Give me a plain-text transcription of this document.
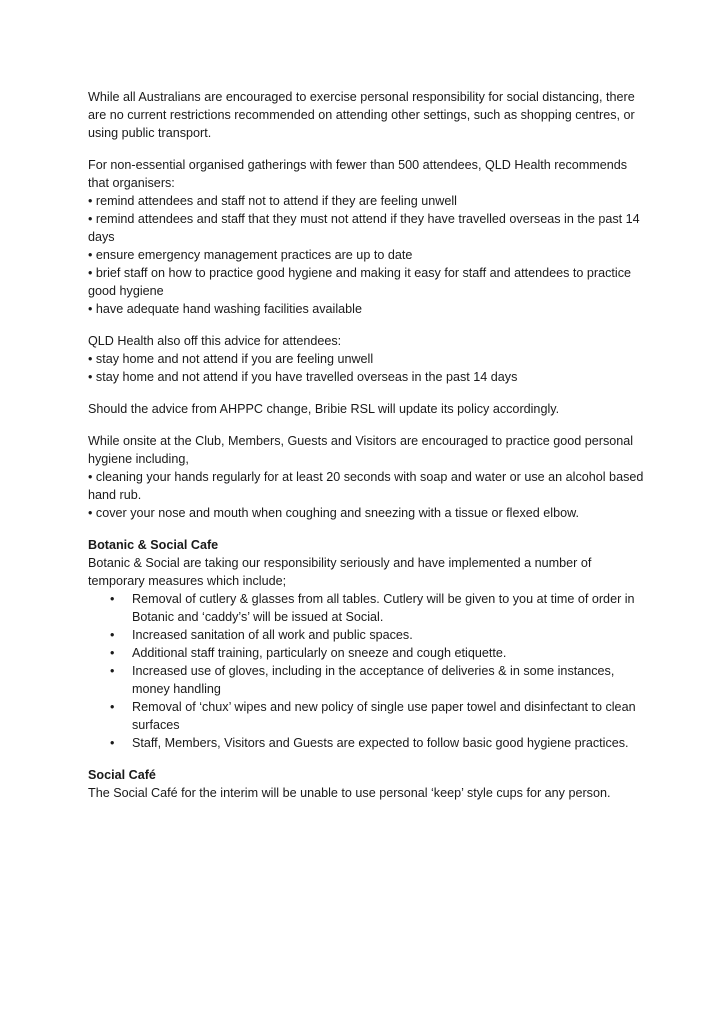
While all Australians are encouraged to exercise personal responsibility for social distancing, there are no current restrictions recommended on attending other settings, such as shopping centres, or using public transport.

For non-essential organised gatherings with fewer than 500 attendees, QLD Health recommends that organisers:
• remind attendees and staff not to attend if they are feeling unwell
• remind attendees and staff that they must not attend if they have travelled overseas in the past 14 days
• ensure emergency management practices are up to date
• brief staff on how to practice good hygiene and making it easy for staff and attendees to practice good hygiene
• have adequate hand washing facilities available

QLD Health also off this advice for attendees:
• stay home and not attend if you are feeling unwell
• stay home and not attend if you have travelled overseas in the past 14 days

Should the advice from AHPPC change, Bribie RSL will update its policy accordingly.

While onsite at the Club, Members, Guests and Visitors are encouraged to practice good personal hygiene including,
• cleaning your hands regularly for at least 20 seconds with soap and water or use an alcohol based hand rub.
• cover your nose and mouth when coughing and sneezing with a tissue or flexed elbow.

Botanic & Social Cafe
Botanic & Social are taking our responsibility seriously and have implemented a number of temporary measures which include;
• Removal of cutlery & glasses from all tables. Cutlery will be given to you at time of order in Botanic and ‘caddy’s’ will be issued at Social.
• Increased sanitation of all work and public spaces.
• Additional staff training, particularly on sneeze and cough etiquette.
• Increased use of gloves, including in the acceptance of deliveries & in some instances, money handling
• Removal of ‘chux’ wipes and new policy of single use paper towel and disinfectant to clean surfaces
• Staff, Members, Visitors and Guests are expected to follow basic good hygiene practices.
Social Café
The Social Café for the interim will be unable to use personal ‘keep’ style cups for any person.
